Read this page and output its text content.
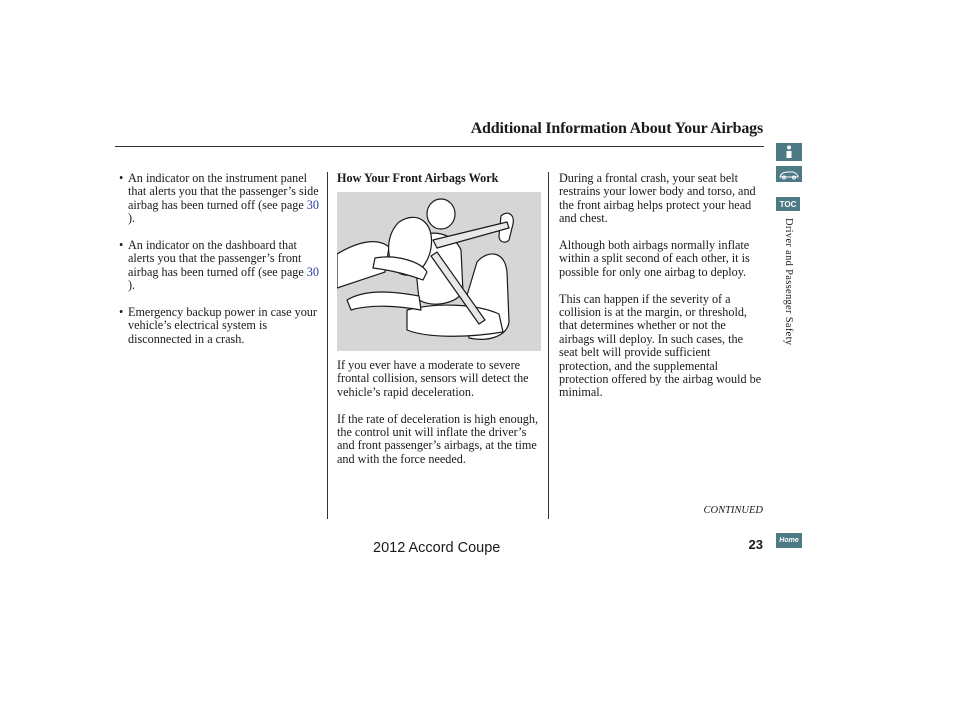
Additional Information About Your Airbags
• An indicator on the instrument panel that alerts you that the passenger’s side airbag has been turned off (see page 30 ).
• An indicator on the dashboard that alerts you that the passenger’s front airbag has been turned off (see page 30 ).
• Emergency backup power in case your vehicle’s electrical system is disconnected in a crash.
How Your Front Airbags Work

If you ever have a moderate to severe frontal collision, sensors will detect the vehicle’s rapid deceleration.

If the rate of deceleration is high enough, the control unit will inflate the driver’s and front passenger’s airbags, at the time and with the force needed.

During a frontal crash, your seat belt restrains your lower body and torso, and the front airbag helps protect your head and chest.

Although both airbags normally inflate within a split second of each other, it is possible for only one airbag to deploy.

This can happen if the severity of a collision is at the margin, or threshold, that determines whether or not the airbags will deploy. In such cases, the seat belt will provide sufficient protection, and the supplemental protection offered by the airbag would be minimal.

CONTINUED
23
2012 Accord Coupe
TOC
Driver and Passenger Safety
Home
